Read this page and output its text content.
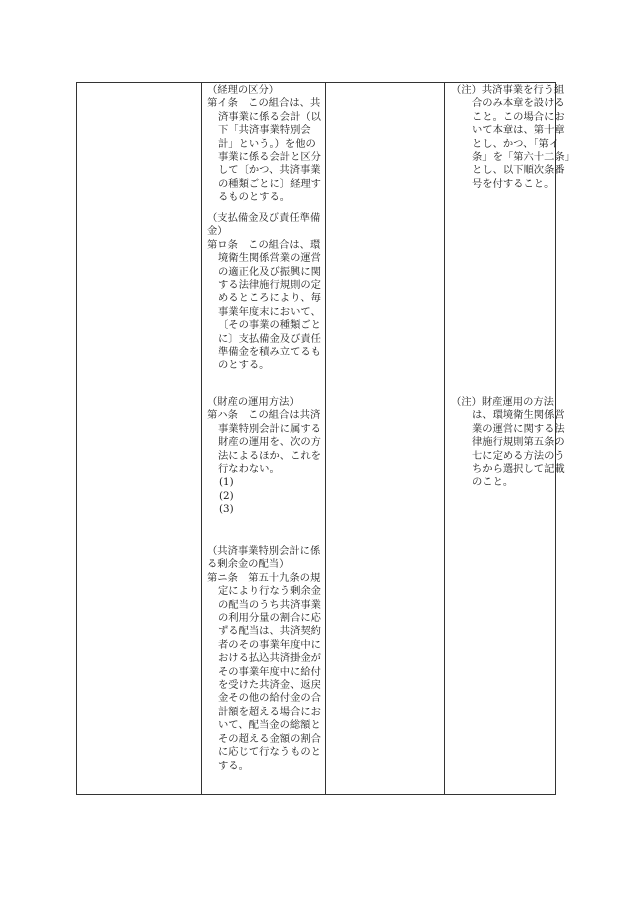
（経理の区分）
第イ条　この組合は、共済事業に係る会計（以下「共済事業特別会計」という。）を他の事業に係る会計と区分して〔かつ、共済事業の種類ごとに〕経理するものとする。
（支払備金及び責任準備金）
第ロ条　この組合は、環境衛生関係営業の運営の適正化及び振興に関する法律施行規則の定めるところにより、毎事業年度末において、〔その事業の種類ごとに〕支払備金及び責任準備金を積み立てるものとする。
（財産の運用方法）
第ハ条　この組合は共済事業特別会計に属する財産の運用を、次の方法によるほか、これを行なわない。
(1)
(2)
(3)
（共済事業特別会計に係る剰余金の配当）
第ニ条　第五十九条の規定により行なう剰余金の配当のうち共済事業の利用分量の割合に応ずる配当は、共済契約者のその事業年度中における払込共済掛金がその事業年度中に給付を受けた共済金、返戻金その他の給付金の合計額を超える場合において、配当金の総額とその超える金額の割合に応じて行なうものとする。
（注）共済事業を行う組合のみ本章を設けること。この場合において本章は、第十章とし、かつ、「第イ条」を「第六十二条」とし、以下順次条番号を付すること。
（注）財産運用の方法は、環境衛生関係営業の運営に関する法律施行規則第五条の七に定める方法のうちから選択して記載のこと。
